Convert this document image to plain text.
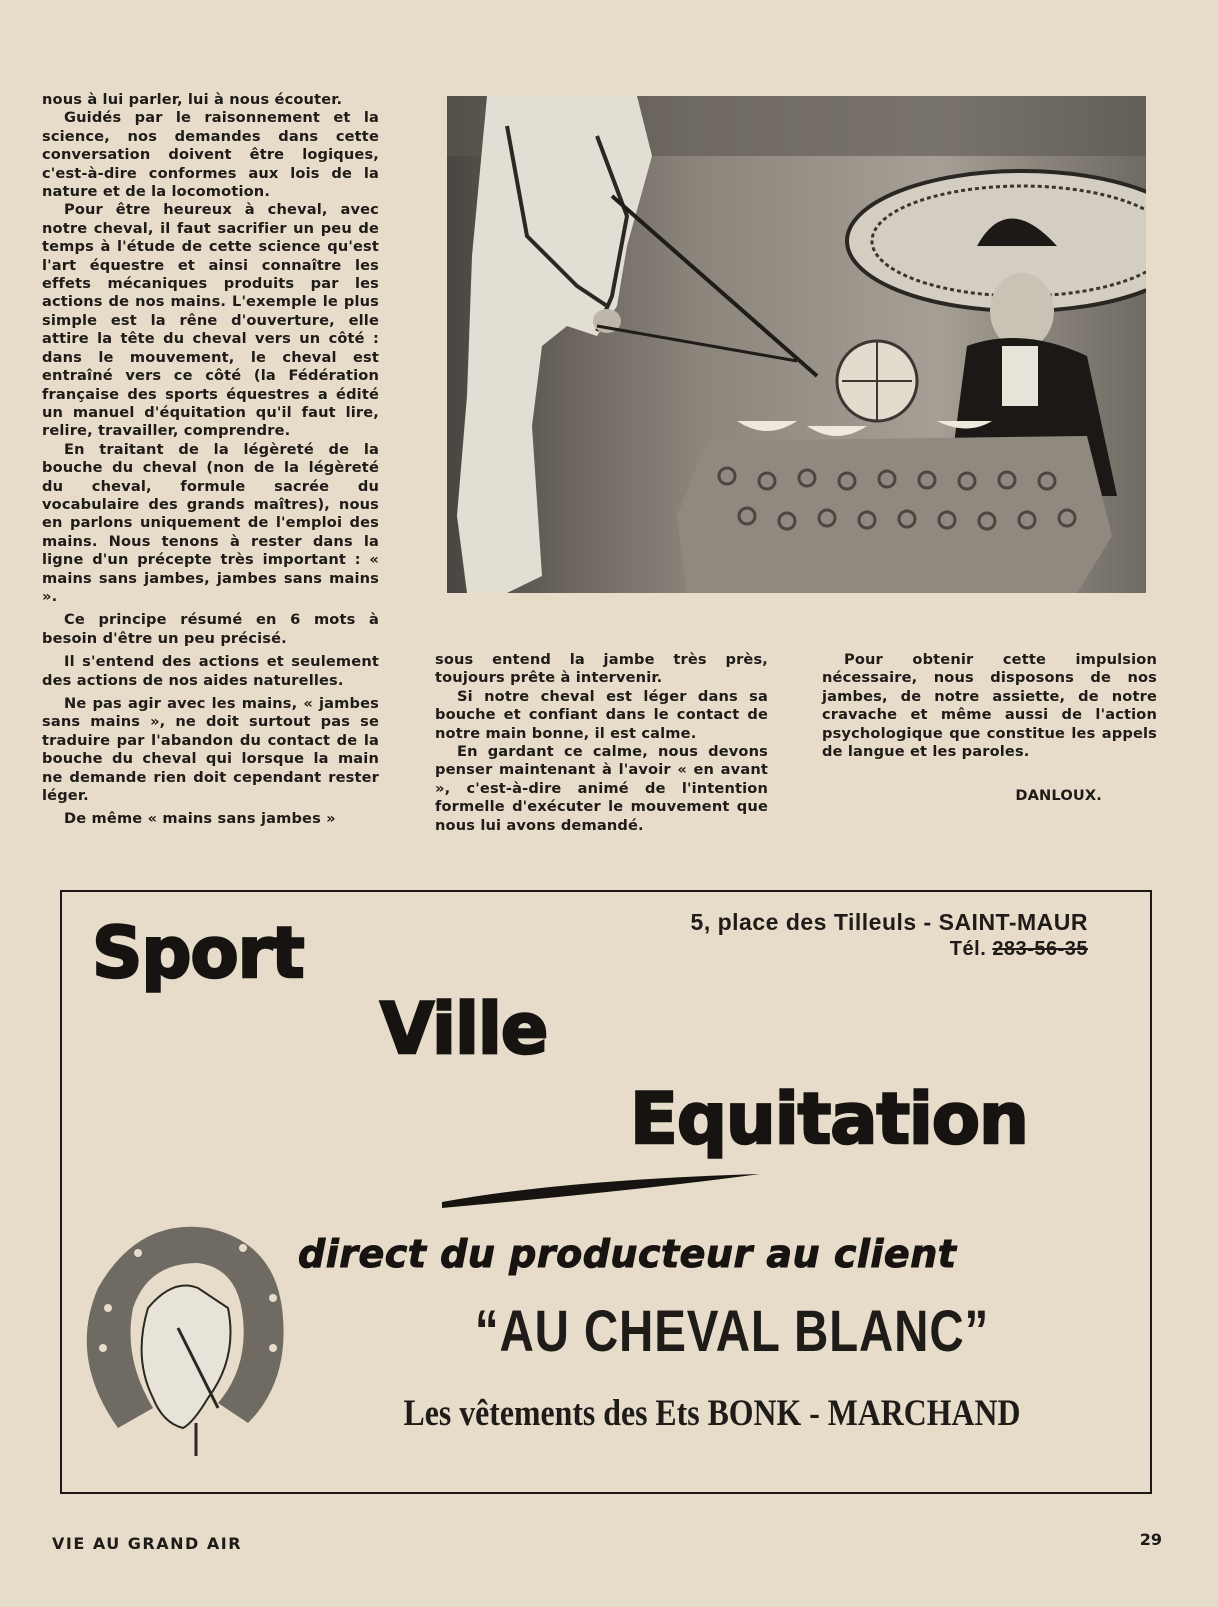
nous à lui parler, lui à nous écouter.

Guidés par le raisonnement et la science, nos demandes dans cette conversation doivent être logiques, c'est-à-dire conformes aux lois de la nature et de la locomotion.

Pour être heureux à cheval, avec notre cheval, il faut sacrifier un peu de temps à l'étude de cette science qu'est l'art équestre et ainsi connaître les effets mécaniques produits par les actions de nos mains. L'exemple le plus simple est la rêne d'ouverture, elle attire la tête du cheval vers un côté : dans le mouvement, le cheval est entraîné vers ce côté (la Fédération française des sports équestres a édité un manuel d'équitation qu'il faut lire, relire, travailler, comprendre.

En traitant de la légèreté de la bouche du cheval (non de la légèreté du cheval, formule sacrée du vocabulaire des grands maîtres), nous en parlons uniquement de l'emploi des mains. Nous tenons à rester dans la ligne d'un précepte très important : « mains sans jambes, jambes sans mains ».

Ce principe résumé en 6 mots à besoin d'être un peu précisé.

Il s'entend des actions et seulement des actions de nos aides naturelles.

Ne pas agir avec les mains, « jambes sans mains », ne doit surtout pas se traduire par l'abandon du contact de la bouche du cheval qui lorsque la main ne demande rien doit cependant rester léger.

De même « mains sans jambes »

sous entend la jambe très près, toujours prête à intervenir.

Si notre cheval est léger dans sa bouche et confiant dans le contact de notre main bonne, il est calme.

En gardant ce calme, nous devons penser maintenant à l'avoir « en avant », c'est-à-dire animé de l'intention formelle d'exécuter le mouvement que nous lui avons demandé.

Pour obtenir cette impulsion nécessaire, nous disposons de nos jambes, de notre assiette, de notre cravache et même aussi de l'action psychologique que constitue les appels de langue et les paroles.

DANLOUX.

5, place des Tilleuls - SAINT-MAUR
Tél. 283-56-35
Sport
Ville
Equitation
direct du producteur au client
“AU CHEVAL BLANC”
Les vêtements des Ets BONK - MARCHAND
VIE AU GRAND AIR	29
